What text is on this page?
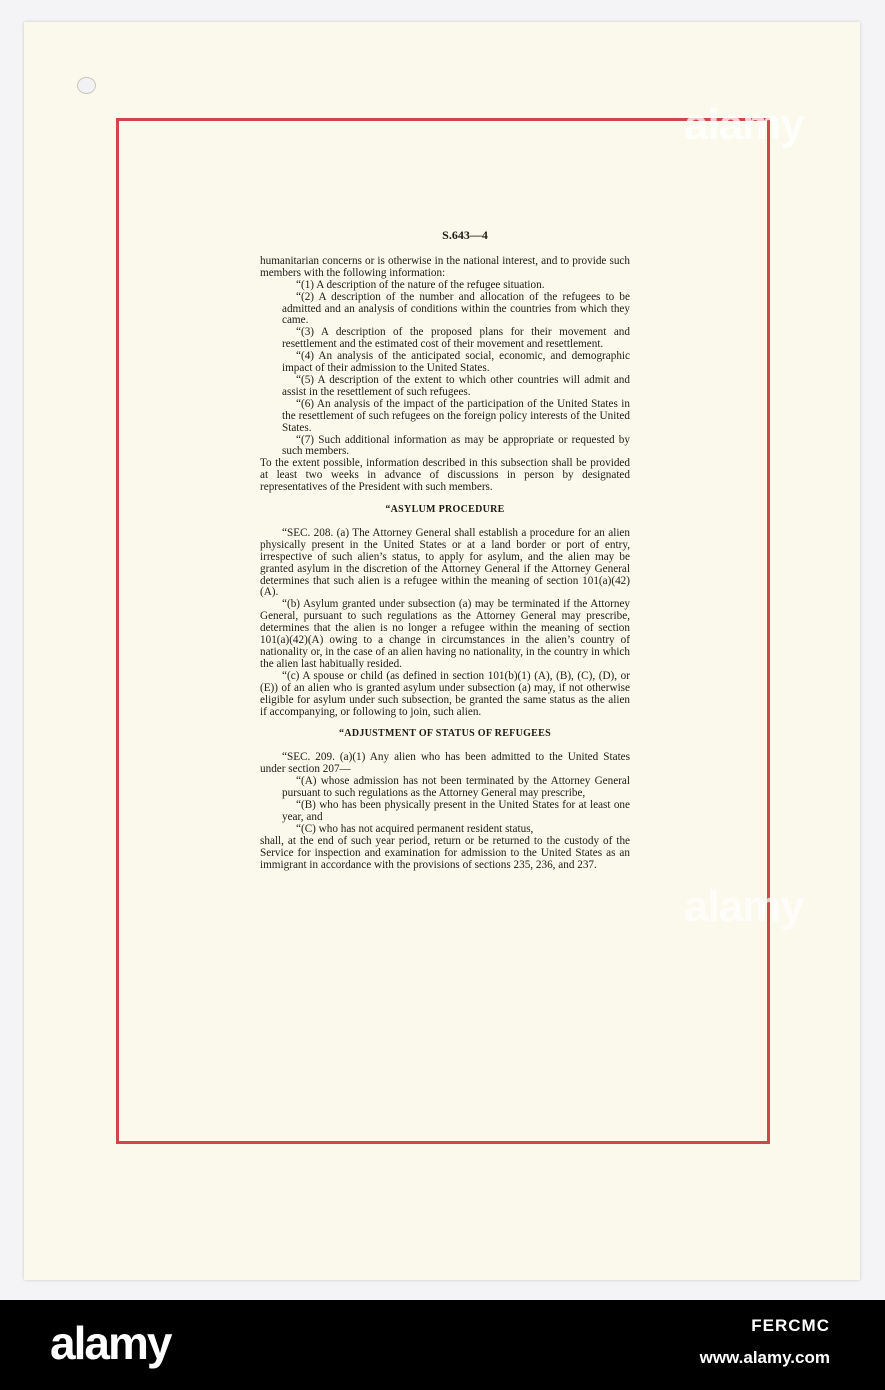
alamy
alamy
S.643—4

humanitarian concerns or is otherwise in the national interest, and to provide such members with the following information:

“(1) A description of the nature of the refugee situation.

“(2) A description of the number and allocation of the refugees to be admitted and an analysis of conditions within the countries from which they came.

“(3) A description of the proposed plans for their movement and resettlement and the estimated cost of their movement and resettlement.

“(4) An analysis of the anticipated social, economic, and demographic impact of their admission to the United States.

“(5) A description of the extent to which other countries will admit and assist in the resettlement of such refugees.

“(6) An analysis of the impact of the participation of the United States in the resettlement of such refugees on the foreign policy interests of the United States.

“(7) Such additional information as may be appropriate or requested by such members.

To the extent possible, information described in this subsection shall be provided at least two weeks in advance of discussions in person by designated representatives of the President with such members.

“ASYLUM PROCEDURE

“SEC. 208. (a) The Attorney General shall establish a procedure for an alien physically present in the United States or at a land border or port of entry, irrespective of such alien’s status, to apply for asylum, and the alien may be granted asylum in the discretion of the Attorney General if the Attorney General determines that such alien is a refugee within the meaning of section 101(a)(42)(A).

“(b) Asylum granted under subsection (a) may be terminated if the Attorney General, pursuant to such regulations as the Attorney General may prescribe, determines that the alien is no longer a refugee within the meaning of section 101(a)(42)(A) owing to a change in circumstances in the alien’s country of nationality or, in the case of an alien having no nationality, in the country in which the alien last habitually resided.

“(c) A spouse or child (as defined in section 101(b)(1) (A), (B), (C), (D), or (E)) of an alien who is granted asylum under subsection (a) may, if not otherwise eligible for asylum under such subsection, be granted the same status as the alien if accompanying, or following to join, such alien.

“ADJUSTMENT OF STATUS OF REFUGEES

“SEC. 209. (a)(1) Any alien who has been admitted to the United States under section 207—

“(A) whose admission has not been terminated by the Attorney General pursuant to such regulations as the Attorney General may prescribe,

“(B) who has been physically present in the United States for at least one year, and

“(C) who has not acquired permanent resident status,

shall, at the end of such year period, return or be returned to the custody of the Service for inspection and examination for admission to the United States as an immigrant in accordance with the provisions of sections 235, 236, and 237.

alamy	FERCMC
www.alamy.com
